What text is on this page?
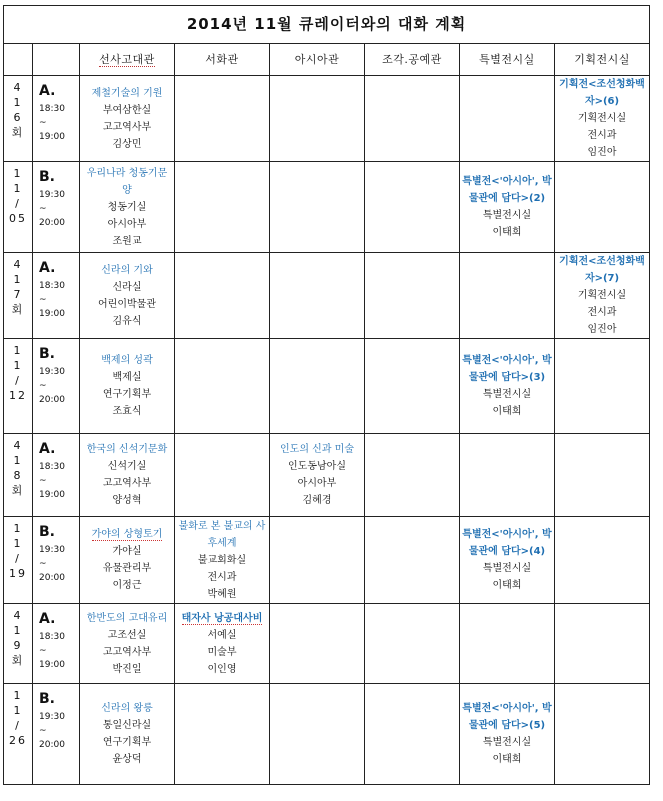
2014년 11월 큐레이터와의 대화 계획							
		선사고대관	서화관	아시아관	조각.공예관	특별전시실	기획전시실

4
1
6
회	A.
18:30
~
19:00	제철기술의 기원
부여삼한실
고고역사부
김상민					기획전<조선청화백자>(6)
기획전시실
전시과
임진아

1
1
/
05	B.
19:30
~
20:00	우리나라 청동기문양
청동기실
아시아부
조원교				특별전<'아시아', 박물관에 담다>(2)
특별전시실
이태희	

4
1
7
회	A.
18:30
~
19:00	신라의 기와
신라실
어린이박물관
김유식					기획전<조선청화백자>(7)
기획전시실
전시과
임진아

1
1
/
12	B.
19:30
~
20:00	백제의 성곽
백제실
연구기획부
조효식				특별전<'아시아', 박물관에 담다>(3)
특별전시실
이태희	

4
1
8
회	A.
18:30
~
19:00	한국의 신석기문화
신석기실
고고역사부
양성혁		인도의 신과 미술
인도동남아실
아시아부
김혜경			

1
1
/
19	B.
19:30
~
20:00	가야의 상형토기
가야실
유물관리부
이정근	불화로 본 불교의 사후세계
불교회화실
전시과
박혜원			특별전<'아시아', 박물관에 담다>(4)
특별전시실
이태희	

4
1
9
회	A.
18:30
~
19:00	한반도의 고대유리
고조선실
고고역사부
박진일	태자사 낭공대사비
서예실
미술부
이인영				

1
1
/
26	B.
19:30
~
20:00	신라의 왕릉
통일신라실
연구기획부
윤상덕				특별전<'아시아', 박물관에 담다>(5)
특별전시실
이태희	
